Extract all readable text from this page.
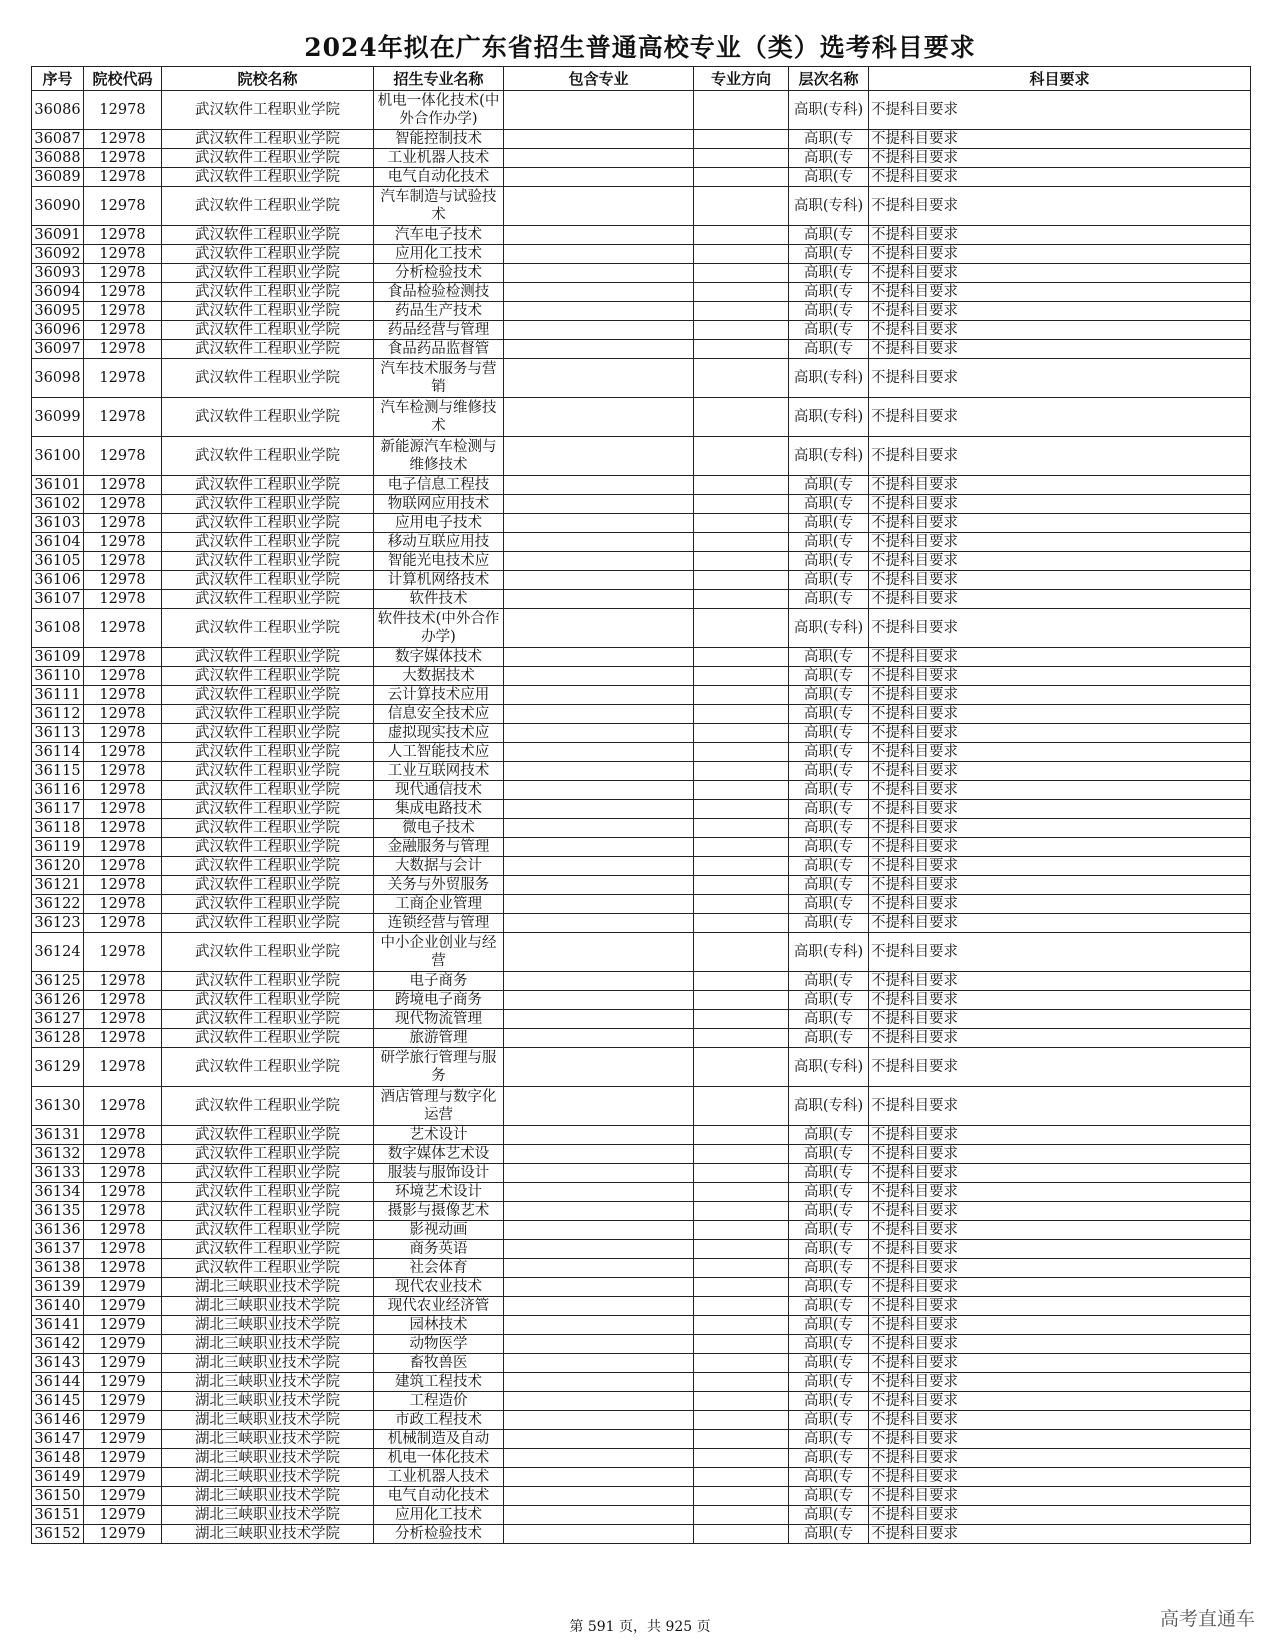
2024年拟在广东省招生普通高校专业（类）选考科目要求
序号	院校代码	院校名称	招生专业名称	包含专业	专业方向	层次名称	科目要求
36086	12978	武汉软件工程职业学院	机电一体化技术(中外合作办学)			高职(专科)	不提科目要求
36087	12978	武汉软件工程职业学院	智能控制技术			高职(专	不提科目要求
36088	12978	武汉软件工程职业学院	工业机器人技术			高职(专	不提科目要求
36089	12978	武汉软件工程职业学院	电气自动化技术			高职(专	不提科目要求
36090	12978	武汉软件工程职业学院	汽车制造与试验技术			高职(专科)	不提科目要求
36091	12978	武汉软件工程职业学院	汽车电子技术			高职(专	不提科目要求
36092	12978	武汉软件工程职业学院	应用化工技术			高职(专	不提科目要求
36093	12978	武汉软件工程职业学院	分析检验技术			高职(专	不提科目要求
36094	12978	武汉软件工程职业学院	食品检验检测技			高职(专	不提科目要求
36095	12978	武汉软件工程职业学院	药品生产技术			高职(专	不提科目要求
36096	12978	武汉软件工程职业学院	药品经营与管理			高职(专	不提科目要求
36097	12978	武汉软件工程职业学院	食品药品监督管			高职(专	不提科目要求
36098	12978	武汉软件工程职业学院	汽车技术服务与营销			高职(专科)	不提科目要求
36099	12978	武汉软件工程职业学院	汽车检测与维修技术			高职(专科)	不提科目要求
36100	12978	武汉软件工程职业学院	新能源汽车检测与维修技术			高职(专科)	不提科目要求
36101	12978	武汉软件工程职业学院	电子信息工程技			高职(专	不提科目要求
36102	12978	武汉软件工程职业学院	物联网应用技术			高职(专	不提科目要求
36103	12978	武汉软件工程职业学院	应用电子技术			高职(专	不提科目要求
36104	12978	武汉软件工程职业学院	移动互联应用技			高职(专	不提科目要求
36105	12978	武汉软件工程职业学院	智能光电技术应			高职(专	不提科目要求
36106	12978	武汉软件工程职业学院	计算机网络技术			高职(专	不提科目要求
36107	12978	武汉软件工程职业学院	软件技术			高职(专	不提科目要求
36108	12978	武汉软件工程职业学院	软件技术(中外合作办学)			高职(专科)	不提科目要求
36109	12978	武汉软件工程职业学院	数字媒体技术			高职(专	不提科目要求
36110	12978	武汉软件工程职业学院	大数据技术			高职(专	不提科目要求
36111	12978	武汉软件工程职业学院	云计算技术应用			高职(专	不提科目要求
36112	12978	武汉软件工程职业学院	信息安全技术应			高职(专	不提科目要求
36113	12978	武汉软件工程职业学院	虚拟现实技术应			高职(专	不提科目要求
36114	12978	武汉软件工程职业学院	人工智能技术应			高职(专	不提科目要求
36115	12978	武汉软件工程职业学院	工业互联网技术			高职(专	不提科目要求
36116	12978	武汉软件工程职业学院	现代通信技术			高职(专	不提科目要求
36117	12978	武汉软件工程职业学院	集成电路技术			高职(专	不提科目要求
36118	12978	武汉软件工程职业学院	微电子技术			高职(专	不提科目要求
36119	12978	武汉软件工程职业学院	金融服务与管理			高职(专	不提科目要求
36120	12978	武汉软件工程职业学院	大数据与会计			高职(专	不提科目要求
36121	12978	武汉软件工程职业学院	关务与外贸服务			高职(专	不提科目要求
36122	12978	武汉软件工程职业学院	工商企业管理			高职(专	不提科目要求
36123	12978	武汉软件工程职业学院	连锁经营与管理			高职(专	不提科目要求
36124	12978	武汉软件工程职业学院	中小企业创业与经营			高职(专科)	不提科目要求
36125	12978	武汉软件工程职业学院	电子商务			高职(专	不提科目要求
36126	12978	武汉软件工程职业学院	跨境电子商务			高职(专	不提科目要求
36127	12978	武汉软件工程职业学院	现代物流管理			高职(专	不提科目要求
36128	12978	武汉软件工程职业学院	旅游管理			高职(专	不提科目要求
36129	12978	武汉软件工程职业学院	研学旅行管理与服务			高职(专科)	不提科目要求
36130	12978	武汉软件工程职业学院	酒店管理与数字化运营			高职(专科)	不提科目要求
36131	12978	武汉软件工程职业学院	艺术设计			高职(专	不提科目要求
36132	12978	武汉软件工程职业学院	数字媒体艺术设			高职(专	不提科目要求
36133	12978	武汉软件工程职业学院	服装与服饰设计			高职(专	不提科目要求
36134	12978	武汉软件工程职业学院	环境艺术设计			高职(专	不提科目要求
36135	12978	武汉软件工程职业学院	摄影与摄像艺术			高职(专	不提科目要求
36136	12978	武汉软件工程职业学院	影视动画			高职(专	不提科目要求
36137	12978	武汉软件工程职业学院	商务英语			高职(专	不提科目要求
36138	12978	武汉软件工程职业学院	社会体育			高职(专	不提科目要求
36139	12979	湖北三峡职业技术学院	现代农业技术			高职(专	不提科目要求
36140	12979	湖北三峡职业技术学院	现代农业经济管			高职(专	不提科目要求
36141	12979	湖北三峡职业技术学院	园林技术			高职(专	不提科目要求
36142	12979	湖北三峡职业技术学院	动物医学			高职(专	不提科目要求
36143	12979	湖北三峡职业技术学院	畜牧兽医			高职(专	不提科目要求
36144	12979	湖北三峡职业技术学院	建筑工程技术			高职(专	不提科目要求
36145	12979	湖北三峡职业技术学院	工程造价			高职(专	不提科目要求
36146	12979	湖北三峡职业技术学院	市政工程技术			高职(专	不提科目要求
36147	12979	湖北三峡职业技术学院	机械制造及自动			高职(专	不提科目要求
36148	12979	湖北三峡职业技术学院	机电一体化技术			高职(专	不提科目要求
36149	12979	湖北三峡职业技术学院	工业机器人技术			高职(专	不提科目要求
36150	12979	湖北三峡职业技术学院	电气自动化技术			高职(专	不提科目要求
36151	12979	湖北三峡职业技术学院	应用化工技术			高职(专	不提科目要求
36152	12979	湖北三峡职业技术学院	分析检验技术			高职(专	不提科目要求
第 591 页，共 925 页	高考直通车
